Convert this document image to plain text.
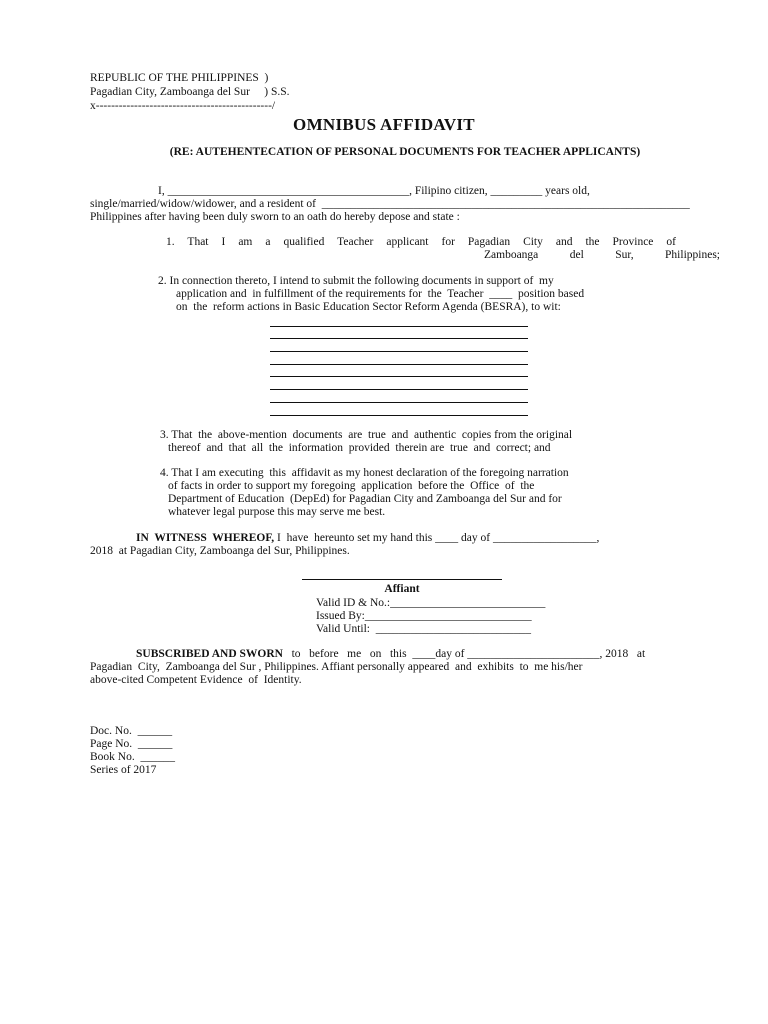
REPUBLIC OF THE PHILIPPINES  )
Pagadian City, Zamboanga del Sur     ) S.S.
x----------------------------------------------/
OMNIBUS AFFIDAVIT
(RE: AUTEHENTECATION OF PERSONAL DOCUMENTS FOR TEACHER APPLICANTS)
I, __________________________________________, Filipino citizen, _________ years old,
single/married/widow/widower, and a resident of  ________________________________________________________________
Philippines after having been duly sworn to an oath do hereby depose and state :
1. That I am a qualified Teacher applicant for Pagadian City and the Province of
Zamboanga del Sur, Philippines;
2. In connection thereto, I intend to submit the following documents in support of  my
application and  in fulfillment of the requirements for  the  Teacher  ____  position based
on  the  reform actions in Basic Education Sector Reform Agenda (BESRA), to wit:
3. That  the  above-mention  documents  are  true  and  authentic  copies from the original
thereof  and  that  all  the  information  provided  therein are  true  and  correct; and
4. That I am executing  this  affidavit as my honest declaration of the foregoing narration
of facts in order to support my foregoing  application  before the  Office  of  the
Department of Education  (DepEd) for Pagadian City and Zamboanga del Sur and for
whatever legal purpose this may serve me best.
IN  WITNESS  WHEREOF, I  have  hereunto set my hand this ____ day of __________________,
2018  at Pagadian City, Zamboanga del Sur, Philippines.
Affiant
Valid ID & No.:___________________________
Issued By:_____________________________
Valid Until:  ___________________________
SUBSCRIBED AND SWORN   to   before   me   on   this  ____day of _______________________, 2018   at
Pagadian  City,  Zamboanga del Sur , Philippines. Affiant personally appeared  and  exhibits  to  me his/her
above-cited Competent Evidence  of  Identity.
Doc. No.  ______
Page No.  ______
Book No.  ______
Series of 2017
